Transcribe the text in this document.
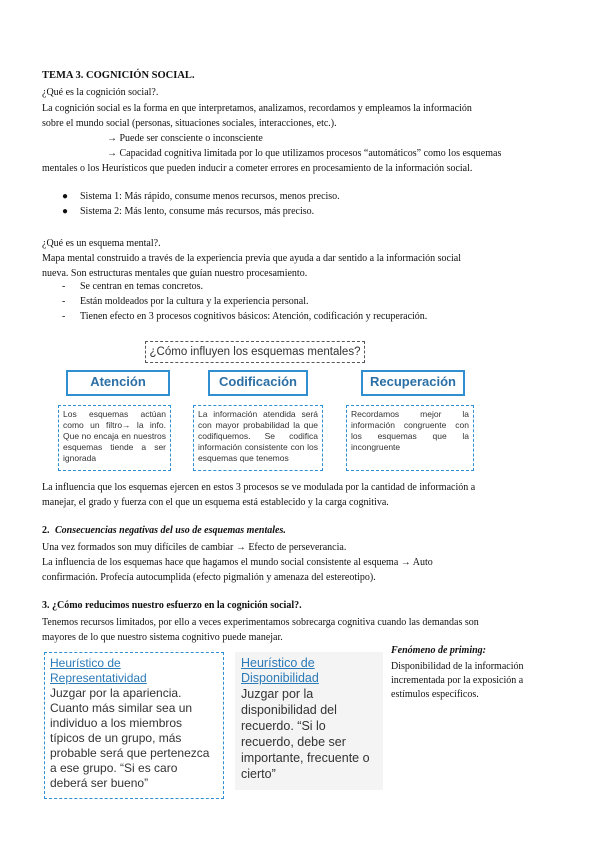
TEMA 3. COGNICIÓN SOCIAL.
¿Qué es la cognición social?.
La cognición social es la forma en que interpretamos, analizamos, recordamos y empleamos la información
sobre el mundo social (personas, situaciones sociales, interacciones, etc.).
→ Puede ser consciente o inconsciente
→ Capacidad cognitiva limitada por lo que utilizamos procesos “automáticos” como los esquemas
mentales o los Heurísticos que pueden inducir a cometer errores en procesamiento de la información social.
● Sistema 1: Más rápido, consume menos recursos, menos preciso.
● Sistema 2: Más lento, consume más recursos, más preciso.
¿Qué es un esquema mental?.
Mapa mental construido a través de la experiencia previa que ayuda a dar sentido a la información social
nueva. Son estructuras mentales que guían nuestro procesamiento.
- Se centran en temas concretos.
- Están moldeados por la cultura y la experiencia personal.
- Tienen efecto en 3 procesos cognitivos básicos: Atención, codificación y recuperación.
¿Cómo influyen los esquemas mentales?
Atención	Codificación	Recuperación
Los esquemas actúan como un filtro→ la info. Que no encaja en nuestros esquemas tiende a ser ignorada
La información atendida será con mayor probabilidad la que codifiquemos. Se codifica información consistente con los esquemas que tenemos
Recordamos mejor la información congruente con los esquemas que la incongruente
La influencia que los esquemas ejercen en estos 3 procesos se ve modulada por la cantidad de información a
manejar, el grado y fuerza con el que un esquema está establecido y la carga cognitiva.
2. Consecuencias negativas del uso de esquemas mentales.
Una vez formados son muy difíciles de cambiar → Efecto de perseverancia.
La influencia de los esquemas hace que hagamos el mundo social consistente al esquema → Auto
confirmación. Profecía autocumplida (efecto pigmalión y amenaza del estereotipo).
3. ¿Cómo reducimos nuestro esfuerzo en la cognición social?.
Tenemos recursos limitados, por ello a veces experimentamos sobrecarga cognitiva cuando las demandas son
mayores de lo que nuestro sistema cognitivo puede manejar.
Heurístico de Representatividad
Juzgar por la apariencia. Cuanto más similar sea un individuo a los miembros típicos de un grupo, más probable será que pertenezca a ese grupo. “Si es caro deberá ser bueno”
Heurístico de Disponibilidad
Juzgar por la disponibilidad del recuerdo. “Si lo recuerdo, debe ser importante, frecuente o cierto”
Fenómeno de priming:
Disponibilidad de la información incrementada por la exposición a estímulos específicos.
